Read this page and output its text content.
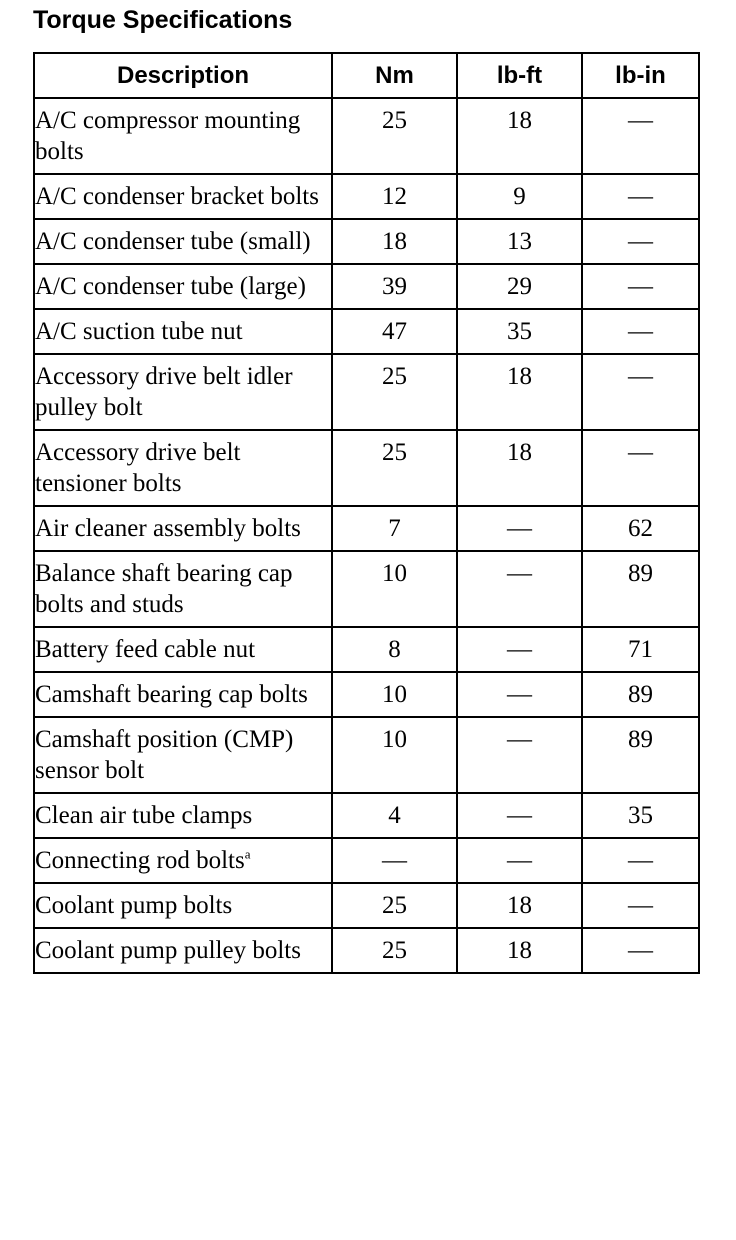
Torque Specifications
Description	Nm	lb-ft	lb-in
A/C compressor mounting bolts	25	18	—
A/C condenser bracket bolts	12	9	—
A/C condenser tube (small)	18	13	—
A/C condenser tube (large)	39	29	—
A/C suction tube nut	47	35	—
Accessory drive belt idler pulley bolt	25	18	—
Accessory drive belt tensioner bolts	25	18	—
Air cleaner assembly bolts	7	—	62
Balance shaft bearing cap bolts and studs	10	—	89
Battery feed cable nut	8	—	71
Camshaft bearing cap bolts	10	—	89
Camshaft position (CMP) sensor bolt	10	—	89
Clean air tube clamps	4	—	35
Connecting rod bolts$^a$	—	—	—
Coolant pump bolts	25	18	—
Coolant pump pulley bolts	25	18	—
